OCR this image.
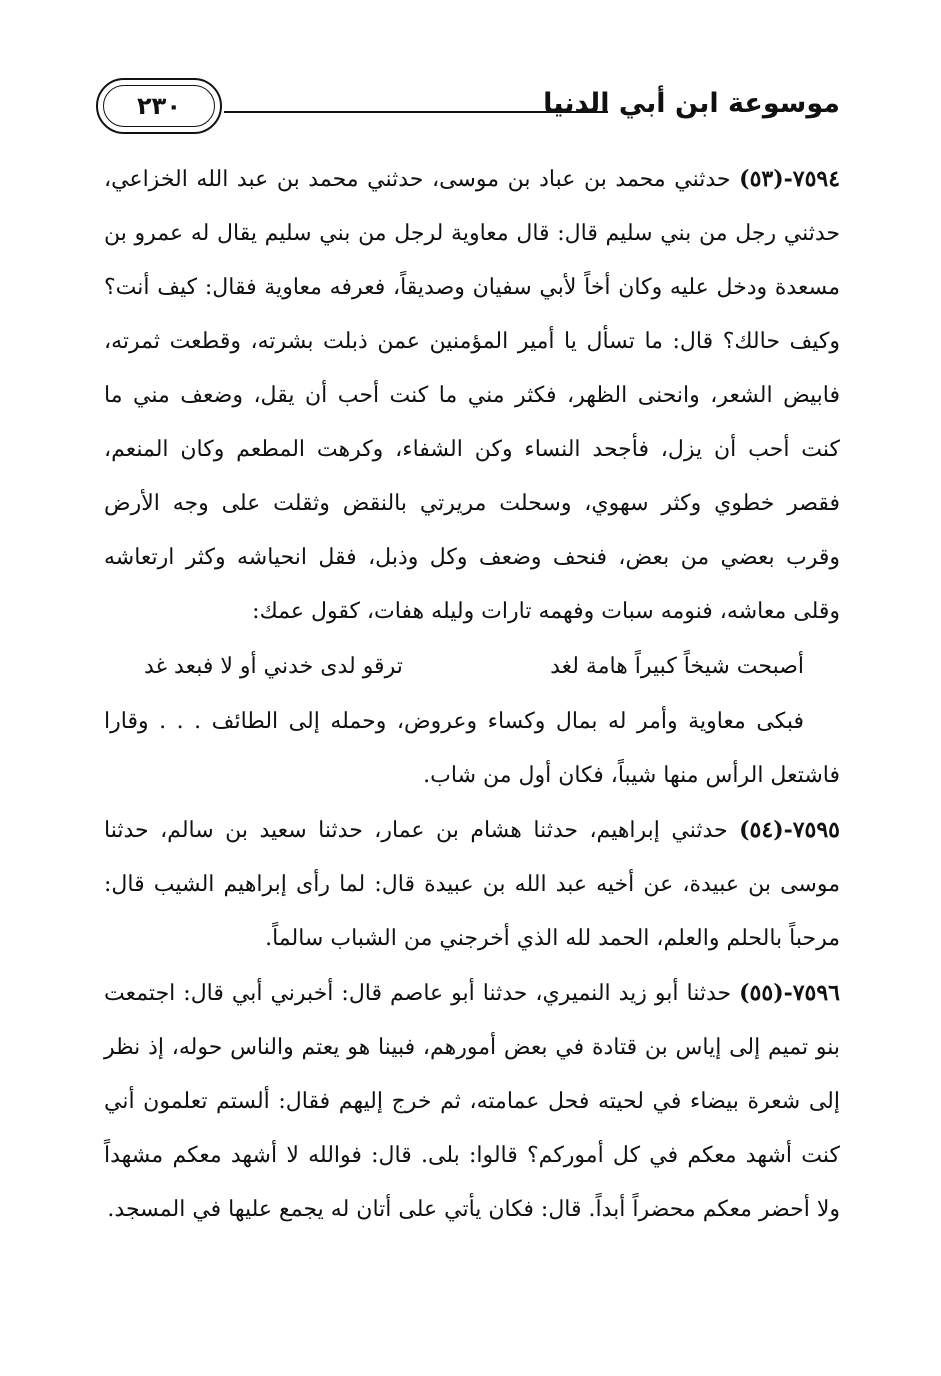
موسوعة ابن أبي الدنيا
٢٣٠

٧٥٩٤-(٥٣) حدثني محمد بن عباد بن موسى، حدثني محمد بن عبد الله الخزاعي، حدثني رجل من بني سليم قال: قال معاوية لرجل من بني سليم يقال له عمرو بن مسعدة ودخل عليه وكان أخاً لأبي سفيان وصديقاً، فعرفه معاوية فقال: كيف أنت؟ وكيف حالك؟ قال: ما تسأل يا أمير المؤمنين عمن ذبلت بشرته، وقطعت ثمرته، فابيض الشعر، وانحنى الظهر، فكثر مني ما كنت أحب أن يقل، وضعف مني ما كنت أحب أن يزل، فأجحد النساء وكن الشفاء، وكرهت المطعم وكان المنعم، فقصر خطوي وكثر سهوي، وسحلت مريرتي بالنقض وثقلت على وجه الأرض وقرب بعضي من بعض، فنحف وضعف وكل وذبل، فقل انحياشه وكثر ارتعاشه وقلى معاشه، فنومه سبات وفهمه تارات وليله هفات، كقول عمك:

أصبحت شيخاً كبيراً هامة لغد
ترقو لدى خدني أو لا فبعد غد

فبكى معاوية وأمر له بمال وكساء وعروض، وحمله إلى الطائف . . . وقارا فاشتعل الرأس منها شيباً، فكان أول من شاب.

٧٥٩٥-(٥٤) حدثني إبراهيم، حدثنا هشام بن عمار، حدثنا سعيد بن سالم، حدثنا موسى بن عبيدة، عن أخيه عبد الله بن عبيدة قال: لما رأى إبراهيم الشيب قال: مرحباً بالحلم والعلم، الحمد لله الذي أخرجني من الشباب سالماً.

٧٥٩٦-(٥٥) حدثنا أبو زيد النميري، حدثنا أبو عاصم قال: أخبرني أبي قال: اجتمعت بنو تميم إلى إياس بن قتادة في بعض أمورهم، فبينا هو يعتم والناس حوله، إذ نظر إلى شعرة بيضاء في لحيته فحل عمامته، ثم خرج إليهم فقال: ألستم تعلمون أني كنت أشهد معكم في كل أموركم؟ قالوا: بلى. قال: فوالله لا أشهد معكم مشهداً ولا أحضر معكم محضراً أبداً. قال: فكان يأتي على أتان له يجمع عليها في المسجد.
